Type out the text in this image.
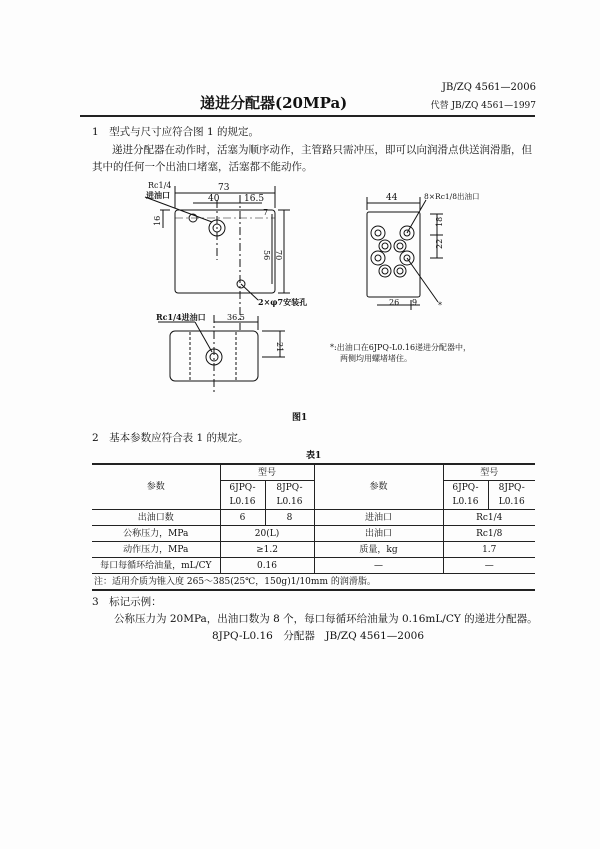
递进分配器(20MPa)
JB/ZQ 4561—2006
代替 JB/ZQ 4561—1997
1　型式与尺寸应符合图 1 的规定。
递进分配器在动作时，活塞为顺序动作，主管路只需冲压，即可以向润滑点供送润滑脂，但
其中的任何一个出油口堵塞，活塞都不能动作。
Rc1/4
进油口
73
40	16.5
16
7
56 70
2×φ7安装孔
8×Rc1/8出油口
44
18
22
26 9	*
Rc1/4进油口	36.5
21	*:出油口在6JPQ-L0.16递进分配器中，
两侧均用螺堵堵住。
图1
2　基本参数应符合表 1 的规定。
表1
参数	型号		参数	型号	
	6JPQ-
L0.16	8JPQ-
L0.16		6JPQ-
L0.16	8JPQ-
L0.16
出油口数	6	8	进油口	Rc1/4	
公称压力，MPa	20(L)		出油口	Rc1/8	
动作压力，MPa	≥1.2		质量，kg	1.7	
每口每循环给油量，mL/CY	0.16		—	—	
注：适用介质为锥入度 265～385(25℃，150g)1/10mm 的润滑脂。					
3　标记示例：
公称压力为 20MPa，出油口数为 8 个，每口每循环给油量为 0.16mL/CY 的递进分配器。
8JPQ-L0.16　分配器　JB/ZQ 4561—2006
